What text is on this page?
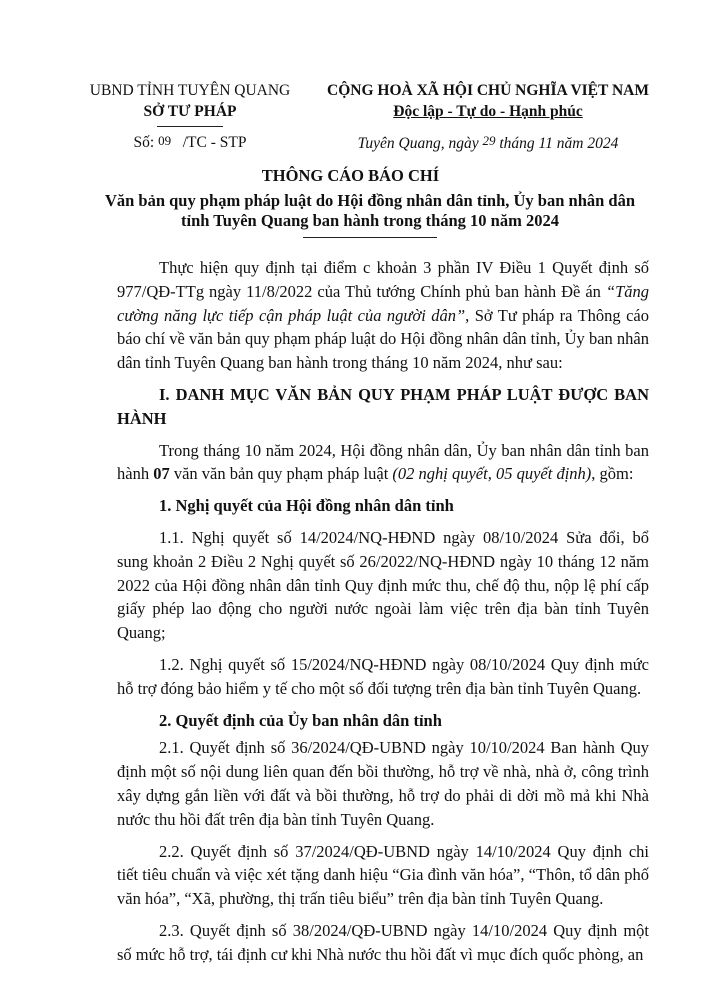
UBND TỈNH TUYÊN QUANG
SỞ TƯ PHÁP
CỘNG HOÀ XÃ HỘI CHỦ NGHĨA VIỆT NAM
Độc lập - Tự do - Hạnh phúc
Số: 09 /TC - STP	Tuyên Quang, ngày 29 tháng 11 năm 2024
THÔNG CÁO BÁO CHÍ
Văn bản quy phạm pháp luật do Hội đồng nhân dân tỉnh, Ủy ban nhân dân tỉnh Tuyên Quang ban hành trong tháng 10 năm 2024

Thực hiện quy định tại điểm c khoản 3 phần IV Điều 1 Quyết định số 977/QĐ-TTg ngày 11/8/2022 của Thủ tướng Chính phủ ban hành Đề án “Tăng cường năng lực tiếp cận pháp luật của người dân”, Sở Tư pháp ra Thông cáo báo chí về văn bản quy phạm pháp luật do Hội đồng nhân dân tỉnh, Ủy ban nhân dân tỉnh Tuyên Quang ban hành trong tháng 10 năm 2024, như sau:

I. DANH MỤC VĂN BẢN QUY PHẠM PHÁP LUẬT ĐƯỢC BAN HÀNH

Trong tháng 10 năm 2024, Hội đồng nhân dân, Ủy ban nhân dân tỉnh ban hành 07 văn văn bản quy phạm pháp luật (02 nghị quyết, 05 quyết định), gồm:

1. Nghị quyết của Hội đồng nhân dân tỉnh

1.1. Nghị quyết số 14/2024/NQ-HĐND ngày 08/10/2024 Sửa đổi, bổ sung khoản 2 Điều 2 Nghị quyết số 26/2022/NQ-HĐND ngày 10 tháng 12 năm 2022 của Hội đồng nhân dân tỉnh Quy định mức thu, chế độ thu, nộp lệ phí cấp giấy phép lao động cho người nước ngoài làm việc trên địa bàn tỉnh Tuyên Quang;

1.2. Nghị quyết số 15/2024/NQ-HĐND ngày 08/10/2024 Quy định mức hỗ trợ đóng bảo hiểm y tế cho một số đối tượng trên địa bàn tỉnh Tuyên Quang.

2. Quyết định của Ủy ban nhân dân tỉnh

2.1. Quyết định số 36/2024/QĐ-UBND ngày 10/10/2024 Ban hành Quy định một số nội dung liên quan đến bồi thường, hỗ trợ về nhà, nhà ở, công trình xây dựng gắn liền với đất và bồi thường, hỗ trợ do phải di dời mồ mả khi Nhà nước thu hồi đất trên địa bàn tỉnh Tuyên Quang.

2.2. Quyết định số 37/2024/QĐ-UBND ngày 14/10/2024 Quy định chi tiết tiêu chuẩn và việc xét tặng danh hiệu “Gia đình văn hóa”, “Thôn, tổ dân phố văn hóa”, “Xã, phường, thị trấn tiêu biểu” trên địa bàn tỉnh Tuyên Quang.

2.3. Quyết định số 38/2024/QĐ-UBND ngày 14/10/2024 Quy định một số mức hỗ trợ, tái định cư khi Nhà nước thu hồi đất vì mục đích quốc phòng, an
